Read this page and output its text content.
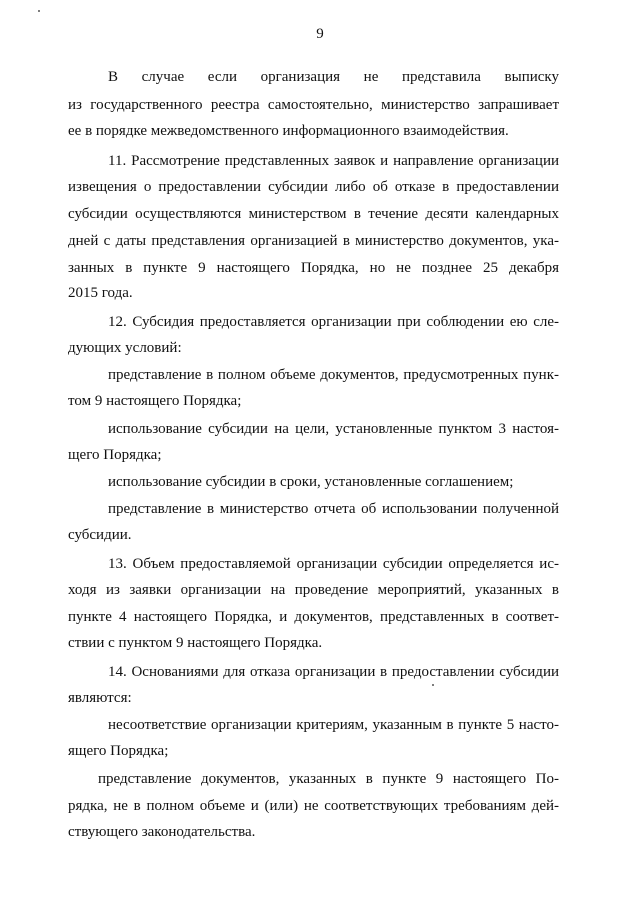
9
В случае если организация не представила выписку
из государственного реестра самостоятельно, министерство запрашивает
ее в порядке межведомственного информационного взаимодействия.
11. Рассмотрение представленных заявок и направление организации
извещения о предоставлении субсидии либо об отказе в предоставлении
субсидии осуществляются министерством в течение десяти календарных
дней с даты представления организацией в министерство документов, ука-
занных в пункте 9 настоящего Порядка, но не позднее 25 декабря
2015 года.
12. Субсидия предоставляется организации при соблюдении ею сле-
дующих условий:
представление в полном объеме документов, предусмотренных пунк-
том 9 настоящего Порядка;
использование субсидии на цели, установленные пунктом 3 настоя-
щего Порядка;
использование субсидии в сроки, установленные соглашением;
представление в министерство отчета об использовании полученной
субсидии.
13. Объем предоставляемой организации субсидии определяется ис-
ходя из заявки организации на проведение мероприятий, указанных в
пункте 4 настоящего Порядка, и документов, представленных в соответ-
ствии с пунктом 9 настоящего Порядка.
14. Основаниями для отказа организации в предоставлении субсидии
являются:
несоответствие организации критериям, указанным в пункте 5 насто-
ящего Порядка;
представление документов, указанных в пункте 9 настоящего По-
рядка, не в полном объеме и (или) не соответствующих требованиям дей-
ствующего законодательства.
